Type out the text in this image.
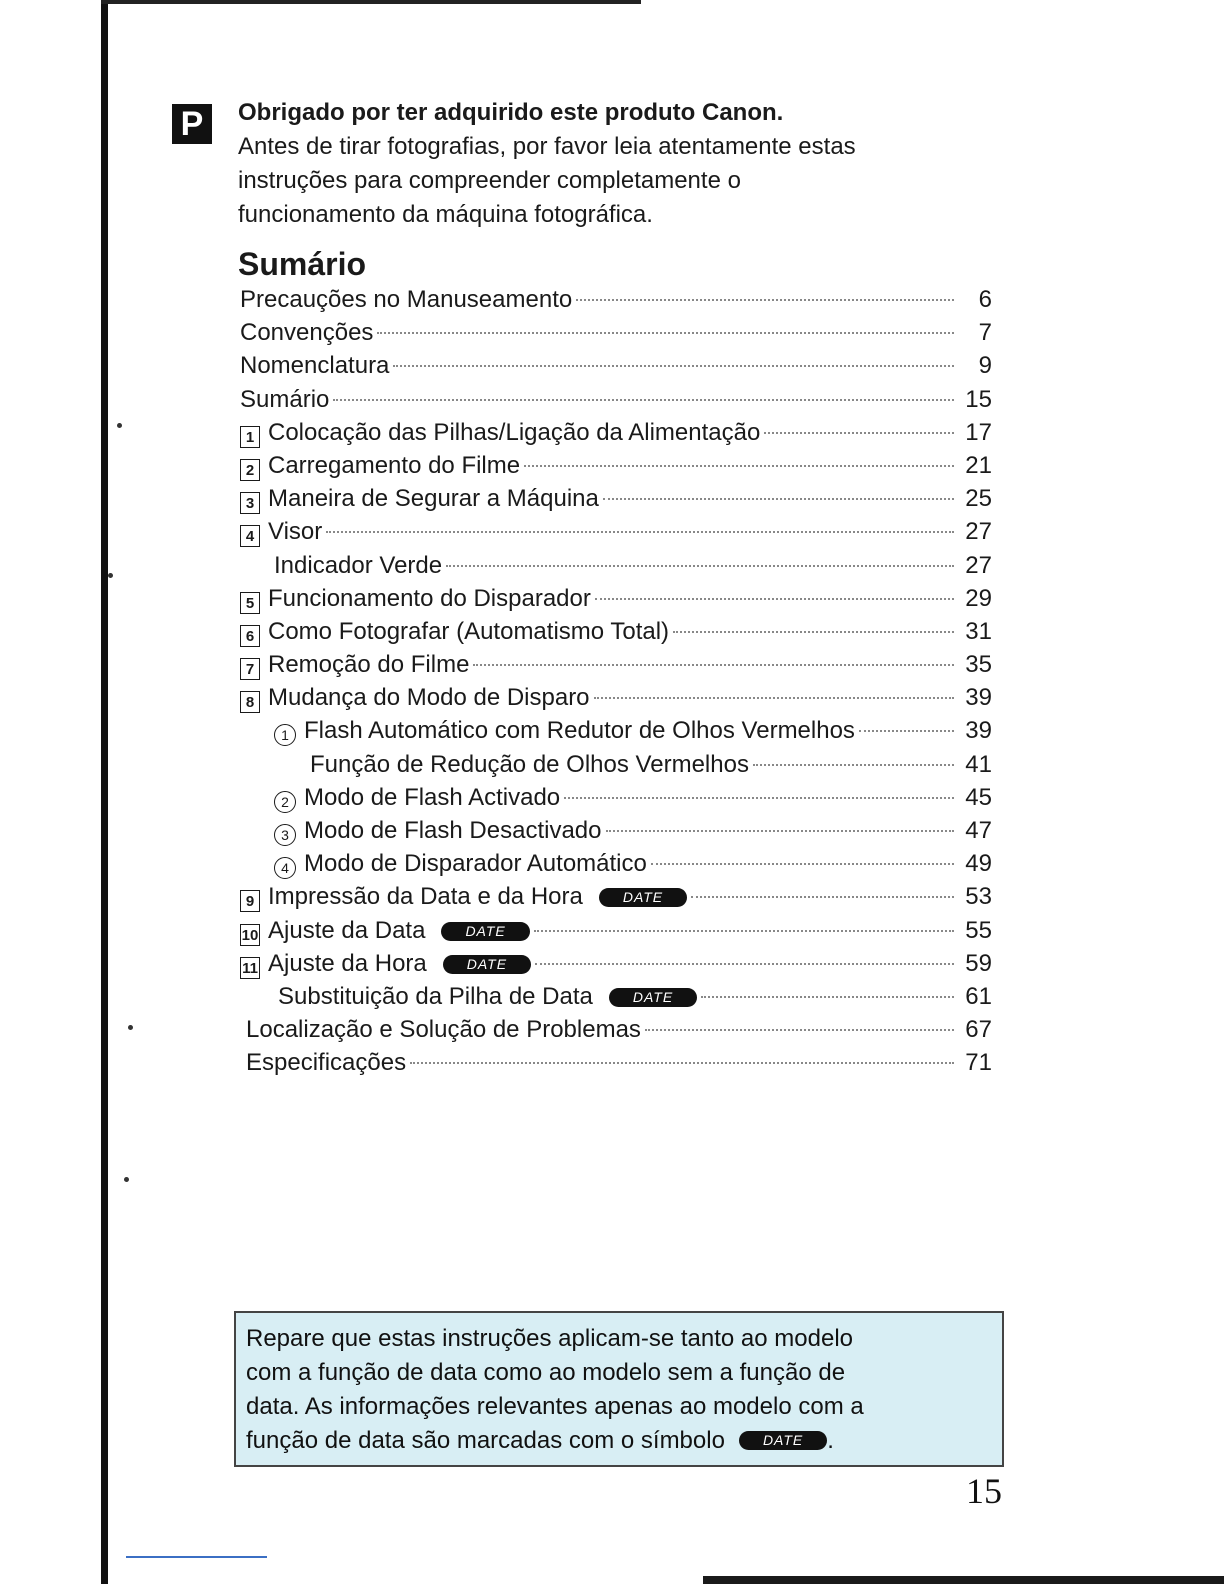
P	Obrigado por ter adquirido este produto Canon.
Antes de tirar fotografias, por favor leia atentamente estas
instruções para compreender completamente o
funcionamento da máquina fotográfica.
Sumário
Precauções no Manuseamento	6
Convenções	7
Nomenclatura	9
Sumário	15
1 Colocação das Pilhas/Ligação da Alimentação	17
2 Carregamento do Filme	21
3 Maneira de Segurar a Máquina	25
4 Visor	27
Indicador Verde	27
5 Funcionamento do Disparador	29
6 Como Fotografar (Automatismo Total)	31
7 Remoção do Filme	35
8 Mudança do Modo de Disparo	39
1 Flash Automático com Redutor de Olhos Vermelhos	39
Função de Redução de Olhos Vermelhos	41
2 Modo de Flash Activado	45
3 Modo de Flash Desactivado	47
4 Modo de Disparador Automático	49
9 Impressão da Data e da Hora	DATE	53
10 Ajuste da Data	DATE	55
11 Ajuste da Hora	DATE	59
Substituição da Pilha de Data	DATE	61
Localização e Solução de Problemas	67
Especificações	71
Repare que estas instruções aplicam-se tanto ao modelo
com a função de data como ao modelo sem a função de
data. As informações relevantes apenas ao modelo com a
função de data são marcadas com o símbolo	DATE .
15
